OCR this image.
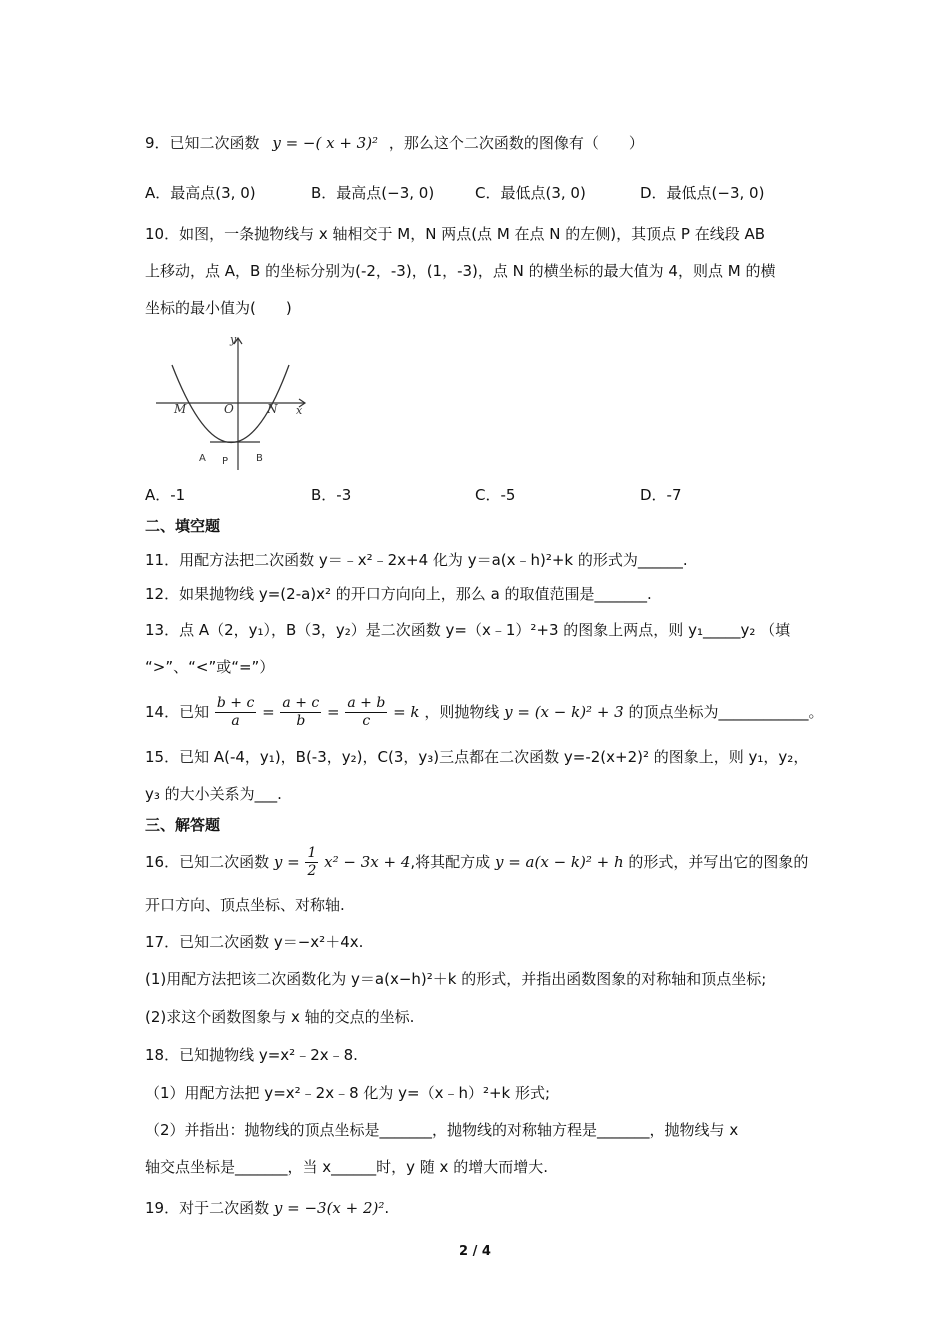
9．已知二次函数 y = −( x + 3)² ，那么这个二次函数的图像有（　　）
A．最高点(3, 0)	B．最高点(−3, 0)	C．最低点(3, 0)	D．最低点(−3, 0)
10．如图，一条抛物线与 x 轴相交于 M，N 两点(点 M 在点 N 的左侧)，其顶点 P 在线段 AB
上移动，点 A，B 的坐标分别为(-2，-3)，(1，-3)，点 N 的横坐标的最大值为 4，则点 M 的横
坐标的最小值为(　　)
M	O	N x
y
A P	B
A．-1	B．-3	C．-5	D．-7
二、填空题
11．用配方法把二次函数 y＝﹣x²﹣2x+4 化为 y＝a(x﹣h)²+k 的形式为______.
12．如果抛物线 y=(2-a)x² 的开口方向向上，那么 a 的取值范围是_______.
13．点 A（2，y₁），B（3，y₂）是二次函数 y=（x﹣1）²+3 的图象上两点，则 y₁_____y₂ （填
“>”、“<”或“=”）
14．已知 $\frac{b + c}{a} = \frac{a + c}{b} = \frac{a + b}{c} = k$ ，则抛物线 y = (x − k)² + 3 的顶点坐标为____________。
15．已知 A(-4，y₁)，B(-3，y₂)，C(3，y₃)三点都在二次函数 y=-2(x+2)² 的图象上，则 y₁，y₂，
y₃ 的大小关系为___.
三、解答题
16．已知二次函数 $y = \frac{1}{2} x^2 - 3x + 4$,将其配方成 y = a(x − k)² + h 的形式，并写出它的图象的
开口方向、顶点坐标、对称轴.
17．已知二次函数 y＝−x²＋4x.
(1)用配方法把该二次函数化为 y＝a(x−h)²＋k 的形式，并指出函数图象的对称轴和顶点坐标;
(2)求这个函数图象与 x 轴的交点的坐标.
18．已知抛物线 y=x²﹣2x﹣8.
（1）用配方法把 y=x²﹣2x﹣8 化为 y=（x﹣h）²+k 形式;
（2）并指出：抛物线的顶点坐标是_______，抛物线的对称轴方程是_______，抛物线与 x
轴交点坐标是_______，当 x______时，y 随 x 的增大而增大.
19．对于二次函数 y = −3(x + 2)².
2 / 4
